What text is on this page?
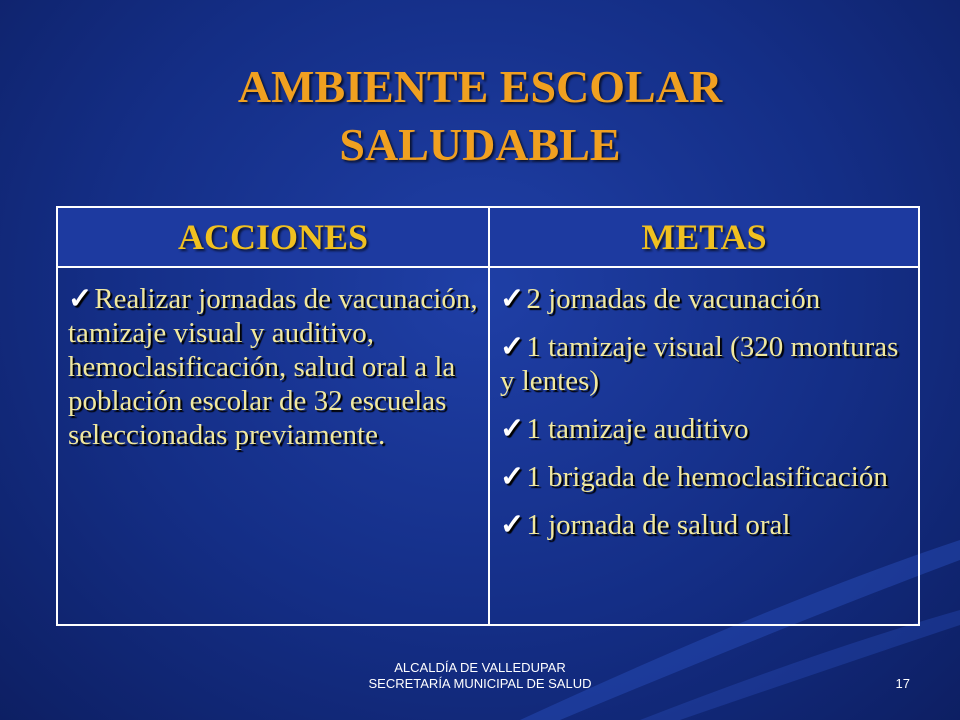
AMBIENTE ESCOLAR
SALUDABLE
ACCIONES	METAS

✓Realizar jornadas de vacunación, tamizaje visual y auditivo, hemoclasificación, salud oral a la población escolar de 32 escuelas seleccionadas previamente.	✓2 jornadas de vacunación
✓1 tamizaje visual (320 monturas y lentes)
✓1 tamizaje auditivo
✓1 brigada de hemoclasificación
✓1 jornada de salud oral
ALCALDÍA DE VALLEDUPAR
SECRETARÍA MUNICIPAL DE SALUD	17
